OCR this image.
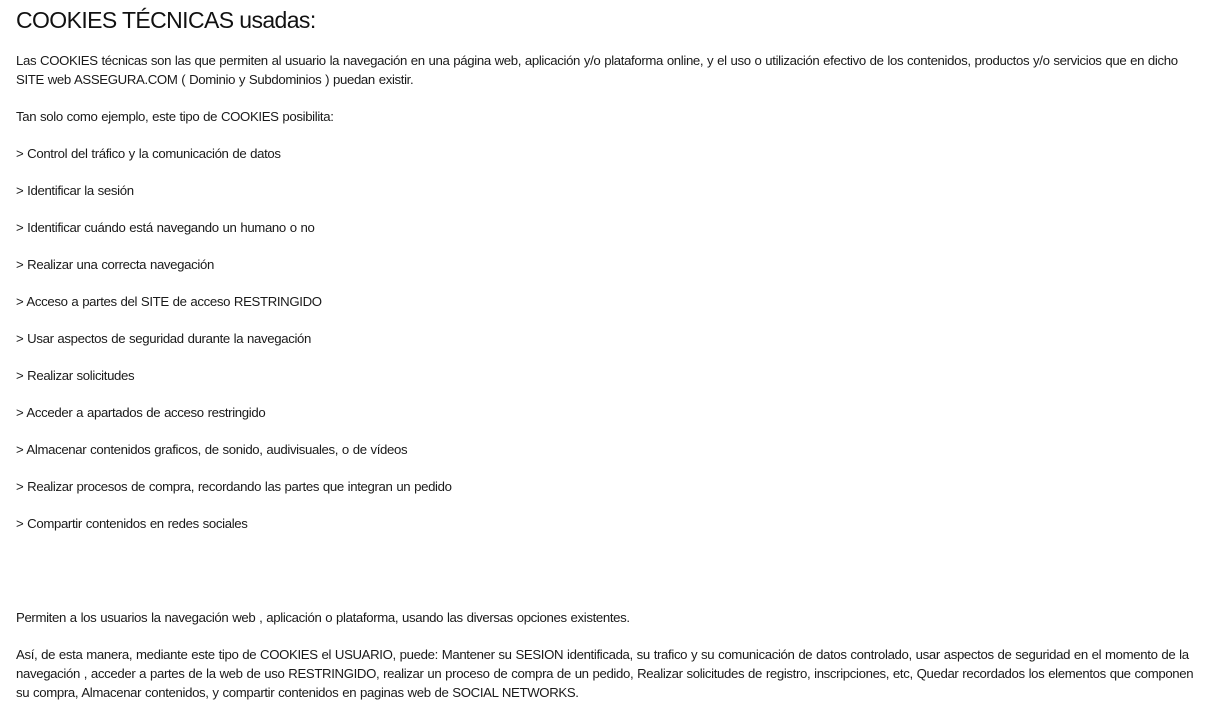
COOKIES TÉCNICAS usadas:

Las COOKIES técnicas son las que permiten al usuario la navegación en una página web, aplicación y/o plataforma online, y el uso o utilización efectivo de los contenidos, productos y/o servicios que en dicho SITE web ASSEGURA.COM ( Dominio y Subdominios ) puedan existir.

Tan solo como ejemplo, este tipo de COOKIES posibilita:

> Control del tráfico y la comunicación de datos

> Identificar la sesión

> Identificar cuándo está navegando un humano o no

> Realizar una correcta navegación

> Acceso a partes del SITE de acceso RESTRINGIDO

> Usar aspectos de seguridad durante la navegación

> Realizar solicitudes

> Acceder a apartados de acceso restringido

> Almacenar contenidos graficos, de sonido, audivisuales, o de vídeos

> Realizar procesos de compra, recordando las partes que integran un pedido

> Compartir contenidos en redes sociales

Permiten a los usuarios la navegación web , aplicación o plataforma, usando las diversas opciones existentes.

Así, de esta manera, mediante este tipo de COOKIES el USUARIO, puede: Mantener su SESION identificada, su trafico y su comunicación de datos controlado, usar aspectos de seguridad en el momento de la navegación , acceder a partes de la web de uso RESTRINGIDO, realizar un proceso de compra de un pedido, Realizar solicitudes de registro, inscripciones, etc, Quedar recordados los elementos que componen su compra, Almacenar contenidos, y compartir contenidos en paginas web de SOCIAL NETWORKS.
